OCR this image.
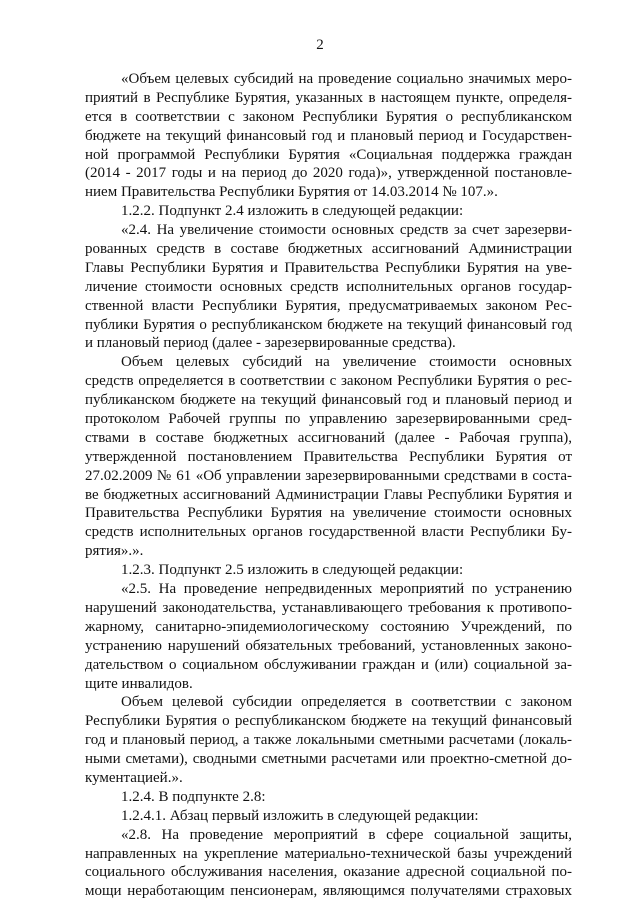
2
«Объем целевых субсидий на проведение социально значимых меро-
приятий в Республике Бурятия, указанных в настоящем пункте, определя-
ется в соответствии с законом Республики Бурятия о республиканском
бюджете на текущий финансовый год и плановый период и Государствен-
ной программой Республики Бурятия «Социальная поддержка граждан
(2014 - 2017 годы и на период до 2020 года)», утвержденной постановле-
нием Правительства Республики Бурятия от 14.03.2014 № 107.».
1.2.2. Подпункт 2.4 изложить в следующей редакции:
«2.4. На увеличение стоимости основных средств за счет зарезерви-
рованных средств в составе бюджетных ассигнований Администрации
Главы Республики Бурятия и Правительства Республики Бурятия на уве-
личение стоимости основных средств исполнительных органов государ-
ственной власти Республики Бурятия, предусматриваемых законом Рес-
публики Бурятия о республиканском бюджете на текущий финансовый год
и плановый период (далее - зарезервированные средства).
Объем целевых субсидий на увеличение стоимости основных
средств определяется в соответствии с законом Республики Бурятия о рес-
публиканском бюджете на текущий финансовый год и плановый период и
протоколом Рабочей группы по управлению зарезервированными сред-
ствами в составе бюджетных ассигнований (далее - Рабочая группа),
утвержденной постановлением Правительства Республики Бурятия от
27.02.2009 № 61 «Об управлении зарезервированными средствами в соста-
ве бюджетных ассигнований Администрации Главы Республики Бурятия и
Правительства Республики Бурятия на увеличение стоимости основных
средств исполнительных органов государственной власти Республики Бу-
рятия».».
1.2.3. Подпункт 2.5 изложить в следующей редакции:
«2.5. На проведение непредвиденных мероприятий по устранению
нарушений законодательства, устанавливающего требования к противопо-
жарному, санитарно-эпидемиологическому состоянию Учреждений, по
устранению нарушений обязательных требований, установленных законо-
дательством о социальном обслуживании граждан и (или) социальной за-
щите инвалидов.
Объем целевой субсидии определяется в соответствии с законом
Республики Бурятия о республиканском бюджете на текущий финансовый
год и плановый период, а также локальными сметными расчетами (локаль-
ными сметами), сводными сметными расчетами или проектно-сметной до-
кументацией.».
1.2.4. В подпункте 2.8:
1.2.4.1. Абзац первый изложить в следующей редакции:
«2.8. На проведение мероприятий в сфере социальной защиты,
направленных на укрепление материально-технической базы учреждений
социального обслуживания населения, оказание адресной социальной по-
мощи неработающим пенсионерам, являющимся получателями страховых
